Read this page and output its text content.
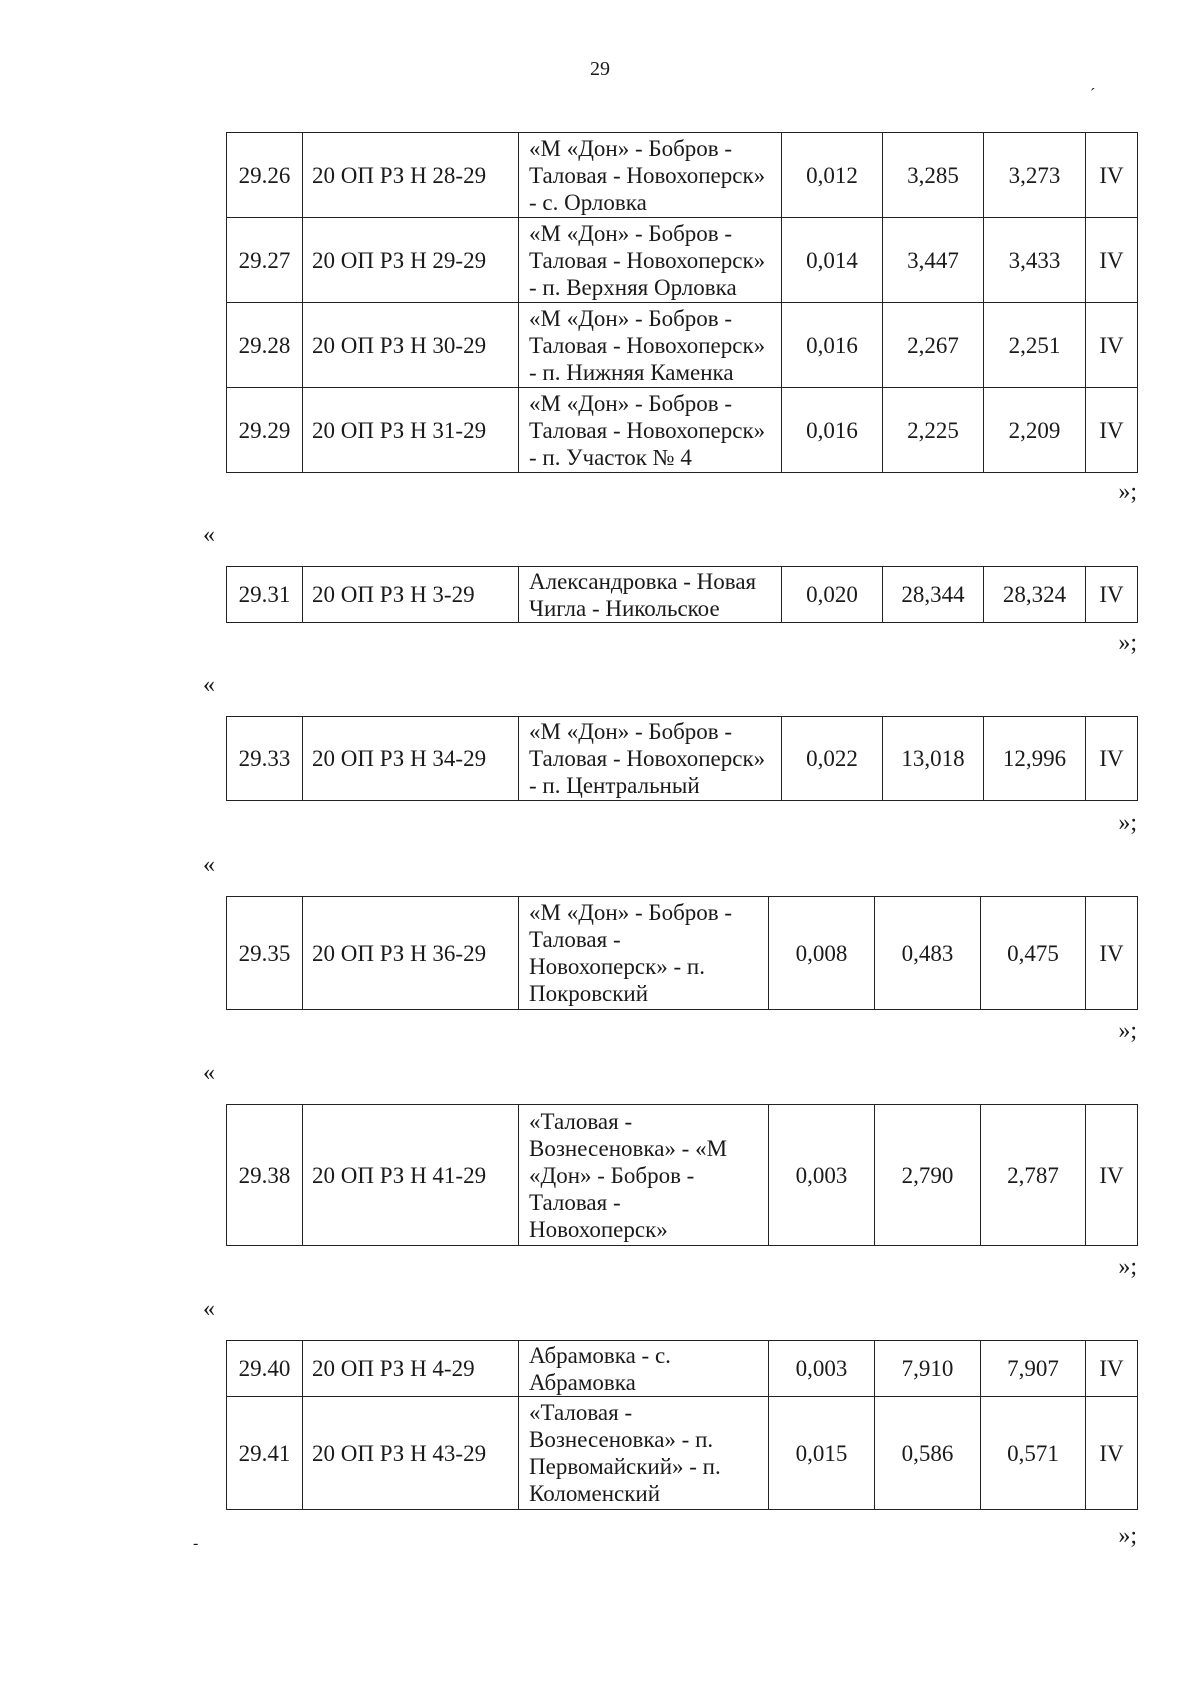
29
´
-
29.26	20 ОП РЗ Н 28-29	«М «Дон» - Бобров - Таловая - Новохоперск» - с. Орловка	0,012	3,285	3,273	IV
29.27	20 ОП РЗ Н 29-29	«М «Дон» - Бобров - Таловая - Новохоперск» - п. Верхняя Орловка	0,014	3,447	3,433	IV
29.28	20 ОП РЗ Н 30-29	«М «Дон» - Бобров - Таловая - Новохоперск» - п. Нижняя Каменка	0,016	2,267	2,251	IV
29.29	20 ОП РЗ Н 31-29	«М «Дон» - Бобров - Таловая - Новохоперск» - п. Участок № 4	0,016	2,225	2,209	IV
»;
«
29.31	20 ОП РЗ Н 3-29	Александровка - Новая Чигла - Никольское	0,020	28,344	28,324	IV
»;
«
29.33	20 ОП РЗ Н 34-29	«М «Дон» - Бобров - Таловая - Новохоперск» - п. Центральный	0,022	13,018	12,996	IV
»;
«
29.35	20 ОП РЗ Н 36-29	«М «Дон» - Бобров - Таловая - Новохоперск» - п. Покровский	0,008	0,483	0,475	IV
»;
«
29.38	20 ОП РЗ Н 41-29	«Таловая - Вознесеновка» - «М «Дон» - Бобров - Таловая - Новохоперск»	0,003	2,790	2,787	IV
»;
«
29.40	20 ОП РЗ Н 4-29	Абрамовка - с. Абрамовка	0,003	7,910	7,907	IV
29.41	20 ОП РЗ Н 43-29	«Таловая - Вознесеновка» - п. Первомайский» - п. Коломенский	0,015	0,586	0,571	IV
»;
